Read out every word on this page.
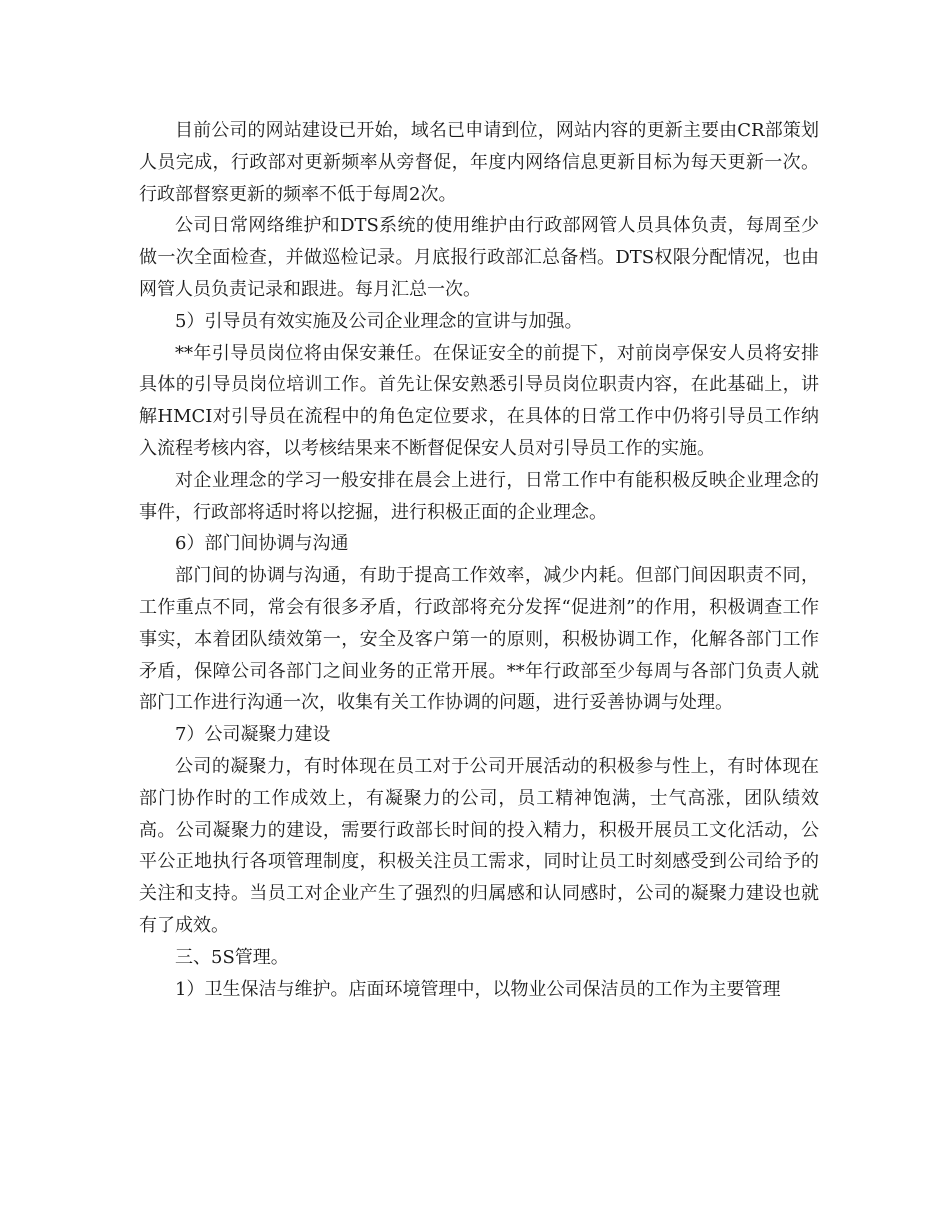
目前公司的网站建设已开始，域名已申请到位，网站内容的更新主要由CR部策划人员完成，行政部对更新频率从旁督促，年度内网络信息更新目标为每天更新一次。行政部督察更新的频率不低于每周2次。

公司日常网络维护和DTS系统的使用维护由行政部网管人员具体负责，每周至少做一次全面检查，并做巡检记录。月底报行政部汇总备档。DTS权限分配情况，也由网管人员负责记录和跟进。每月汇总一次。

5）引导员有效实施及公司企业理念的宣讲与加强。

**年引导员岗位将由保安兼任。在保证安全的前提下，对前岗亭保安人员将安排具体的引导员岗位培训工作。首先让保安熟悉引导员岗位职责内容，在此基础上，讲解HMCI对引导员在流程中的角色定位要求，在具体的日常工作中仍将引导员工作纳入流程考核内容，以考核结果来不断督促保安人员对引导员工作的实施。

对企业理念的学习一般安排在晨会上进行，日常工作中有能积极反映企业理念的事件，行政部将适时将以挖掘，进行积极正面的企业理念。

6）部门间协调与沟通

部门间的协调与沟通，有助于提高工作效率，减少内耗。但部门间因职责不同，工作重点不同，常会有很多矛盾，行政部将充分发挥“促进剂”的作用，积极调查工作事实，本着团队绩效第一，安全及客户第一的原则，积极协调工作，化解各部门工作矛盾，保障公司各部门之间业务的正常开展。**年行政部至少每周与各部门负责人就部门工作进行沟通一次，收集有关工作协调的问题，进行妥善协调与处理。

7）公司凝聚力建设

公司的凝聚力，有时体现在员工对于公司开展活动的积极参与性上，有时体现在部门协作时的工作成效上，有凝聚力的公司，员工精神饱满，士气高涨，团队绩效高。公司凝聚力的建设，需要行政部长时间的投入精力，积极开展员工文化活动，公平公正地执行各项管理制度，积极关注员工需求，同时让员工时刻感受到公司给予的关注和支持。当员工对企业产生了强烈的归属感和认同感时，公司的凝聚力建设也就有了成效。

三、5S管理。

1）卫生保洁与维护。店面环境管理中，以物业公司保洁员的工作为主要管理
